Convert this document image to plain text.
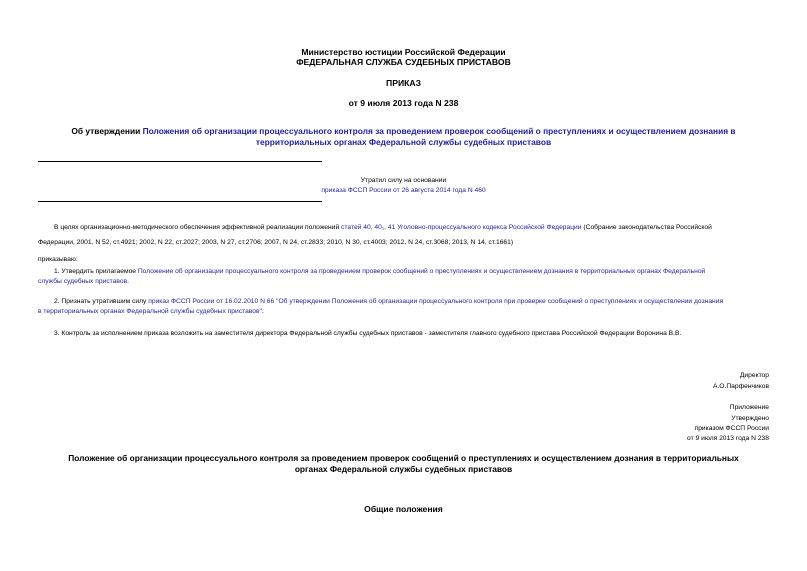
Министерство юстиции Российской Федерации
ФЕДЕРАЛЬНАЯ СЛУЖБА СУДЕБНЫХ ПРИСТАВОВ
ПРИКАЗ
от 9 июля 2013 года N 238
Об утверждении Положения об организации процессуального контроля за проведением проверок сообщений о преступлениях и осуществлением дознания в
территориальных органах Федеральной службы судебных приставов
Утратил силу на основании
приказа ФССП России от 26 августа 2014 года N 460
В целях организационно-методического обеспечения эффективной реализации положений статей 40, 40₁, 41 Уголовно-процессуального кодекса Российской Федерации (Собрание законодательства Российской
Федерации, 2001, N 52, ст.4921; 2002, N 22, ст.2027; 2003, N 27, ст.2706; 2007, N 24, ст.2833; 2010, N 30, ст.4003; 2012, N 24, ст.3068; 2013, N 14, ст.1661)
приказываю:
1. Утвердить прилагаемое Положение об организации процессуального контроля за проведением проверок сообщений о преступлениях и осуществлением дознания в территориальных органах Федеральной
службы судебных приставов.
2. Признать утратившим силу приказ ФССП России от 16.02.2010 N 66 "Об утверждении Положения об организации процессуального контроля при проверке сообщений о преступлениях и осуществлении дознания
в территориальных органах Федеральной службы судебных приставов".
3. Контроль за исполнением приказа возложить на заместителя директора Федеральной службы судебных приставов - заместителя главного судебного пристава Российской Федерации Воронина В.В.
Директор
А.О.Парфенчиков
Приложение
Утверждено
приказом ФССП России
от 9 июля 2013 года N 238
Положение об организации процессуального контроля за проведением проверок сообщений о преступлениях и осуществлением дознания в территориальных
органах Федеральной службы судебных приставов
Общие положения
